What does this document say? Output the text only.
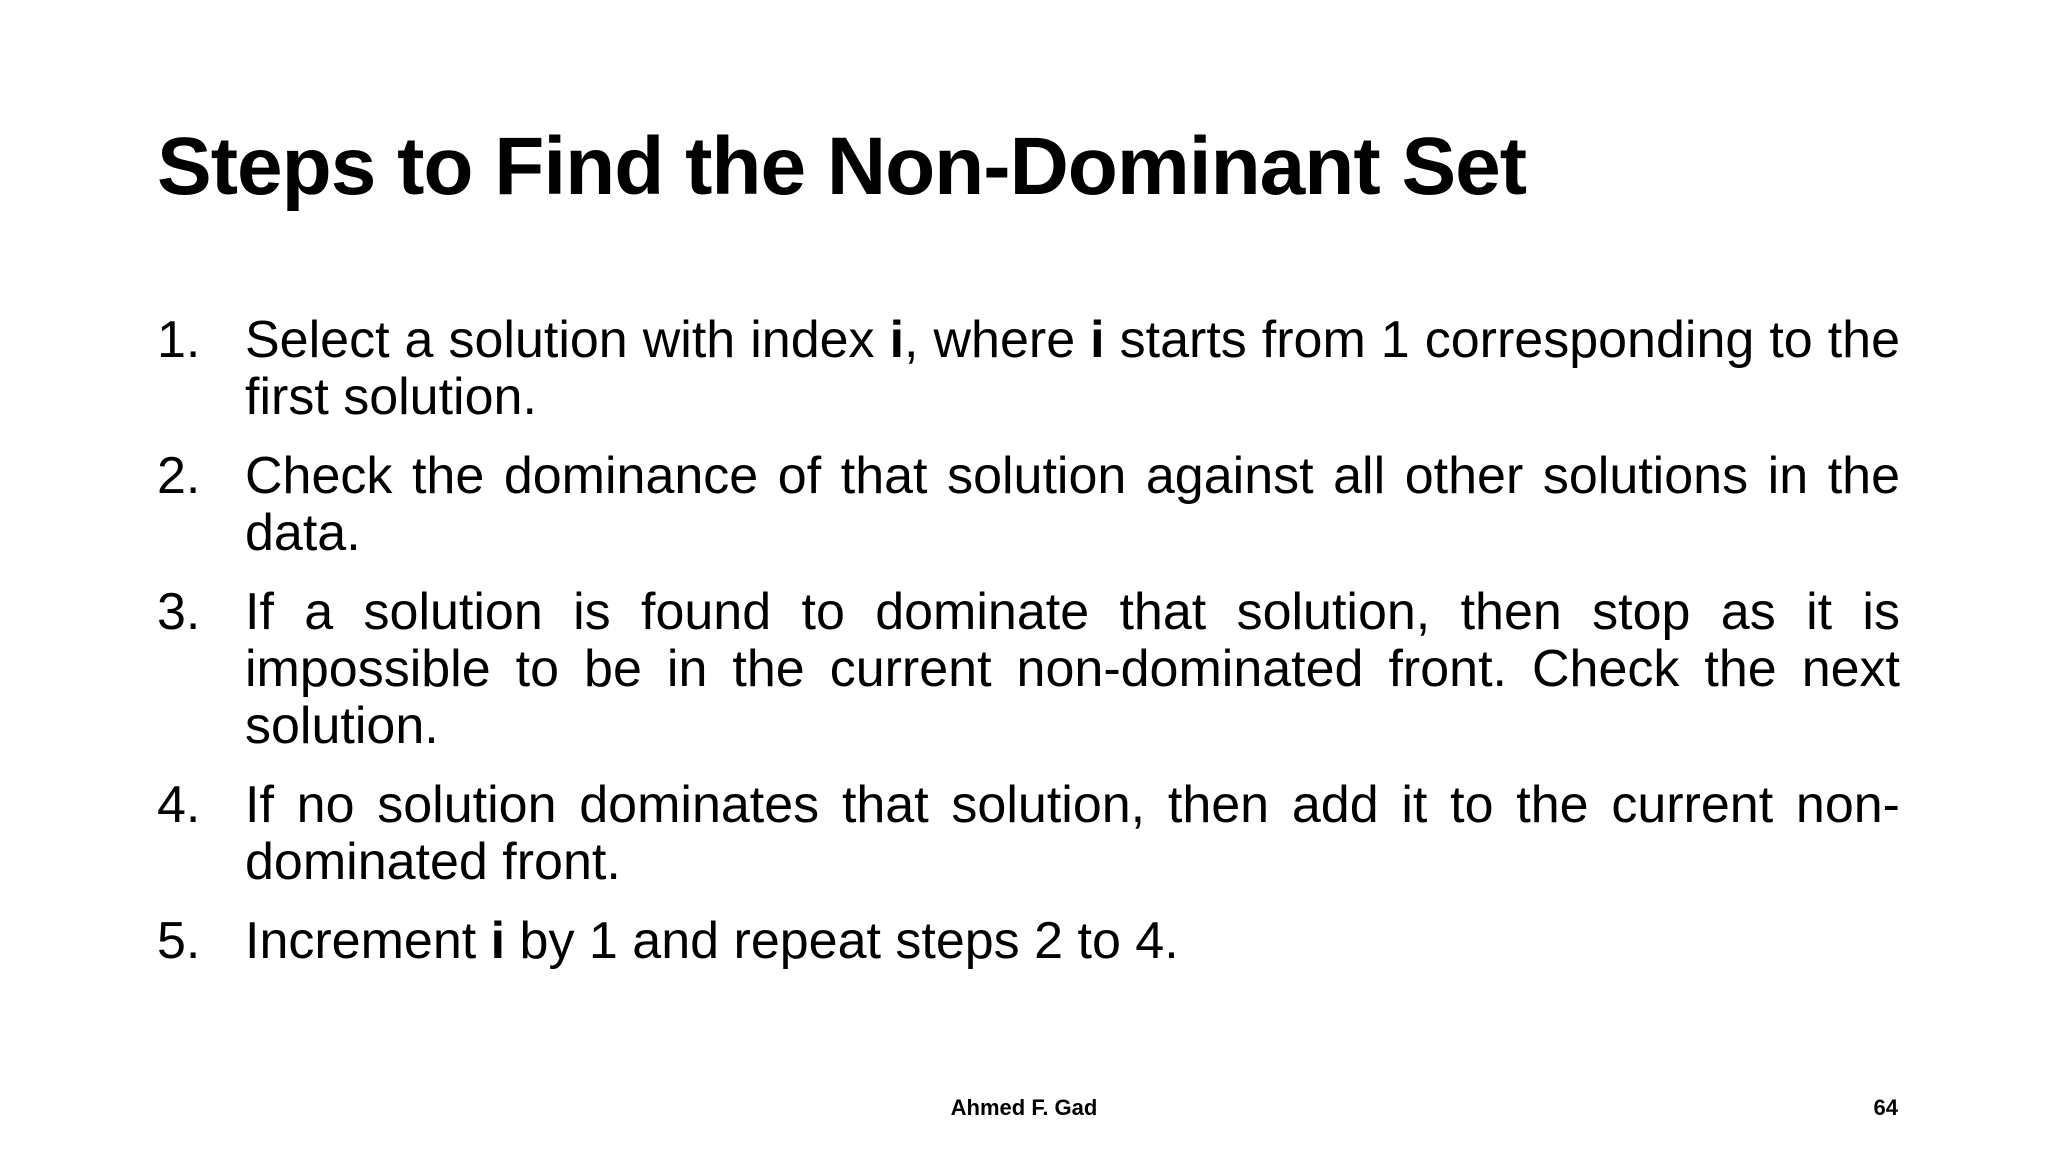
Steps to Find the Non-Dominant Set
1. Select a solution with index i, where i starts from 1 corresponding to the first solution.
2. Check the dominance of that solution against all other solutions in the data.
3. If a solution is found to dominate that solution, then stop as it is impossible to be in the current non-dominated front. Check the next solution.
4. If no solution dominates that solution, then add it to the current non-dominated front.
5. Increment i by 1 and repeat steps 2 to 4.
Ahmed F. Gad	64
